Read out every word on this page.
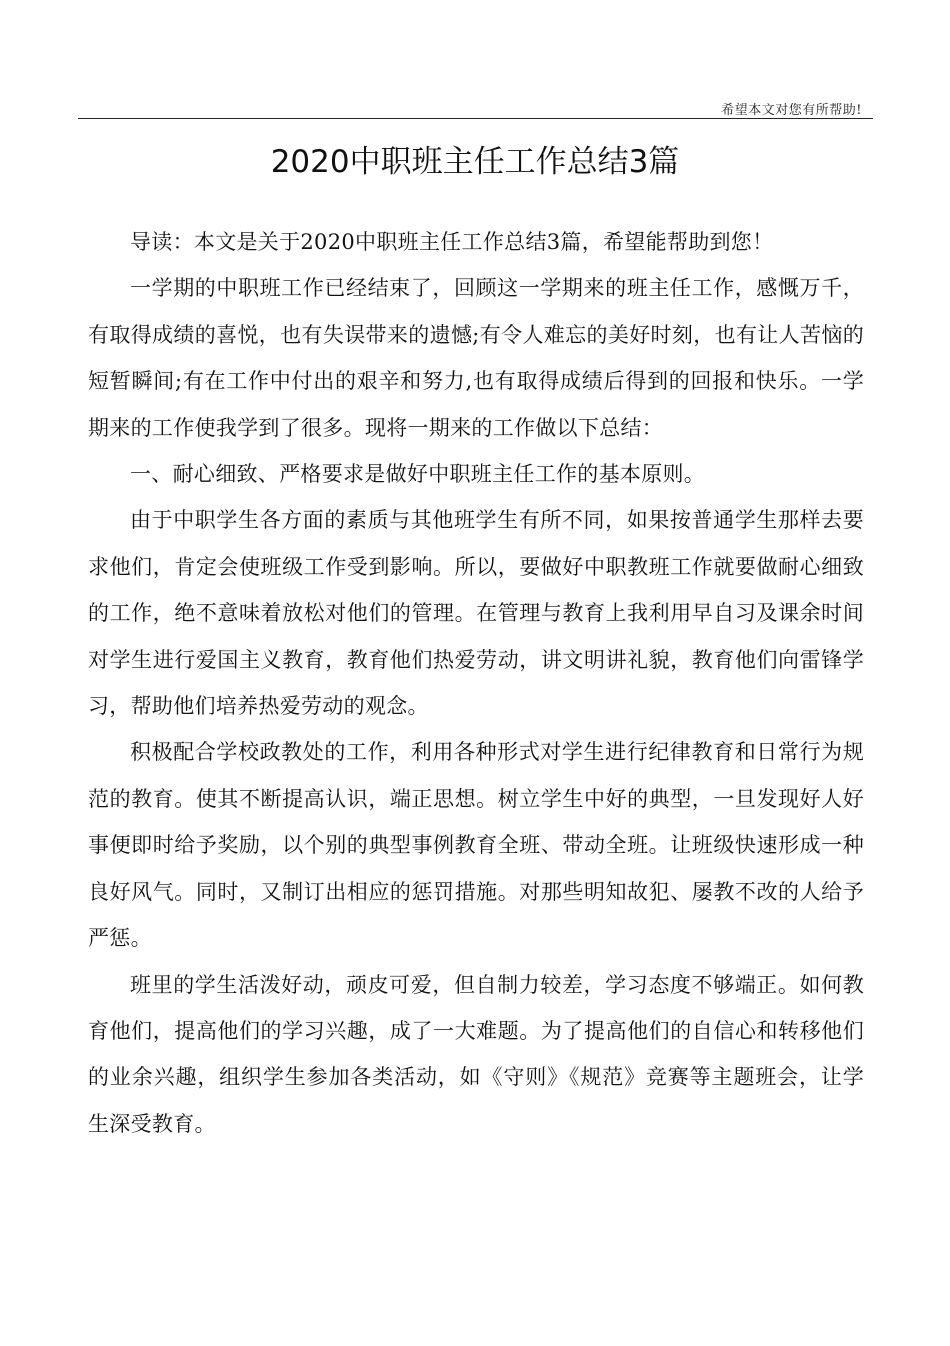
希望本文对您有所帮助!
2020中职班主任工作总结3篇

导读：本文是关于2020中职班主任工作总结3篇，希望能帮助到您！

一学期的中职班工作已经结束了，回顾这一学期来的班主任工作，感慨万千，有取得成绩的喜悦，也有失误带来的遗憾;有令人难忘的美好时刻，也有让人苦恼的短暂瞬间;有在工作中付出的艰辛和努力,也有取得成绩后得到的回报和快乐。一学期来的工作使我学到了很多。现将一期来的工作做以下总结：

一、耐心细致、严格要求是做好中职班主任工作的基本原则。

由于中职学生各方面的素质与其他班学生有所不同，如果按普通学生那样去要求他们，肯定会使班级工作受到影响。所以，要做好中职教班工作就要做耐心细致的工作，绝不意味着放松对他们的管理。在管理与教育上我利用早自习及课余时间对学生进行爱国主义教育，教育他们热爱劳动，讲文明讲礼貌，教育他们向雷锋学习，帮助他们培养热爱劳动的观念。

积极配合学校政教处的工作，利用各种形式对学生进行纪律教育和日常行为规范的教育。使其不断提高认识，端正思想。树立学生中好的典型，一旦发现好人好事便即时给予奖励，以个别的典型事例教育全班、带动全班。让班级快速形成一种良好风气。同时，又制订出相应的惩罚措施。对那些明知故犯、屡教不改的人给予严惩。

班里的学生活泼好动，顽皮可爱，但自制力较差，学习态度不够端正。如何教育他们，提高他们的学习兴趣，成了一大难题。为了提高他们的自信心和转移他们的业余兴趣，组织学生参加各类活动，如《守则》《规范》竞赛等主题班会，让学生深受教育。
